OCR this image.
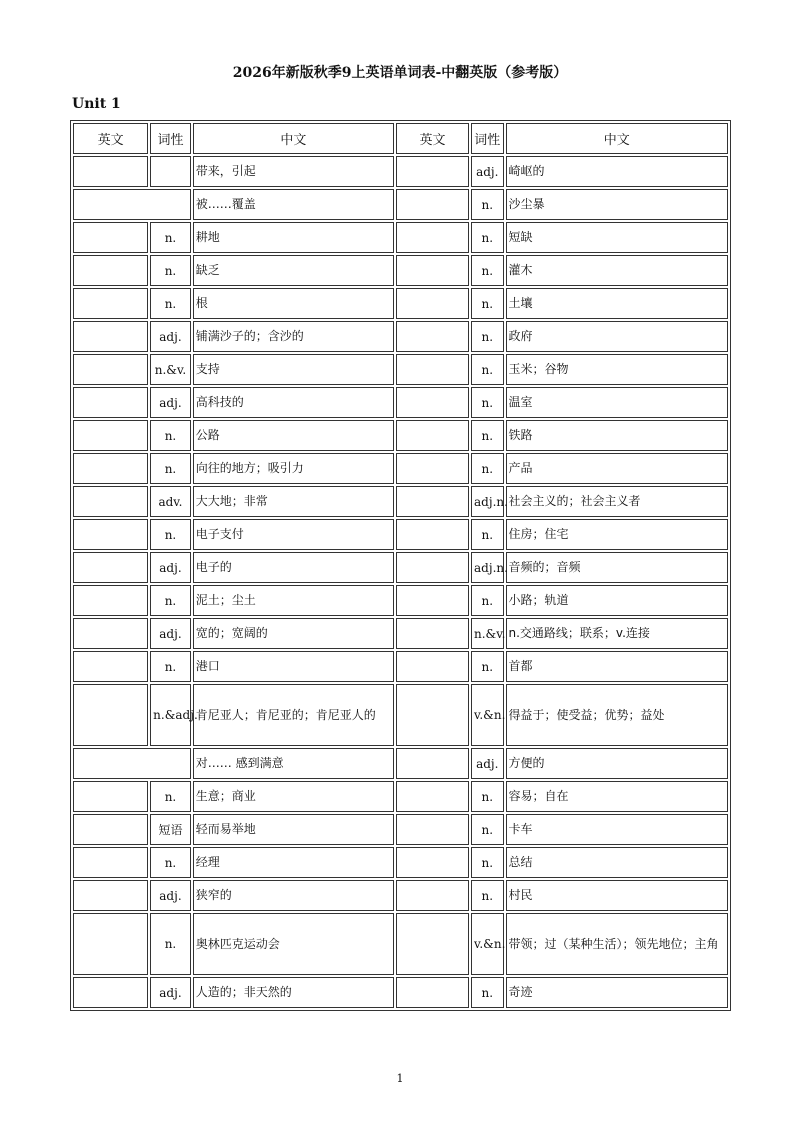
2026年新版秋季9上英语单词表-中翻英版（参考版）
Unit 1
英文	词性	中文	英文	词性	中文
		带来，引起		adj.	崎岖的
		被……覆盖		n.	沙尘暴
	n.	耕地		n.	短缺
	n.	缺乏		n.	灌木
	n.	根		n.	土壤
	adj.	铺满沙子的；含沙的		n.	政府
	n.&v.	支持		n.	玉米；谷物
	adj.	高科技的		n.	温室
	n.	公路		n.	铁路
	n.	向往的地方；吸引力		n.	产品
	adv.	大大地；非常		adj.n.	社会主义的；社会主义者
	n.	电子支付		n.	住房；住宅
	adj.	电子的		adj.n.	音频的；音频
	n.	泥土；尘土		n.	小路；轨道
	adj.	宽的；宽阔的		n.&v.	n.交通路线；联系；v.连接
	n.	港口		n.	首都
	n.&adj.	肯尼亚人；肯尼亚的；肯尼亚人的		v.&n.	得益于；使受益；优势；益处
		对…… 感到满意		adj.	方便的
	n.	生意；商业		n.	容易；自在
	短语	轻而易举地		n.	卡车
	n.	经理		n.	总结
	adj.	狭窄的		n.	村民
	n.	奥林匹克运动会		v.&n.	带领；过（某种生活）；领先地位；主角
	adj.	人造的；非天然的		n.	奇迹
1
